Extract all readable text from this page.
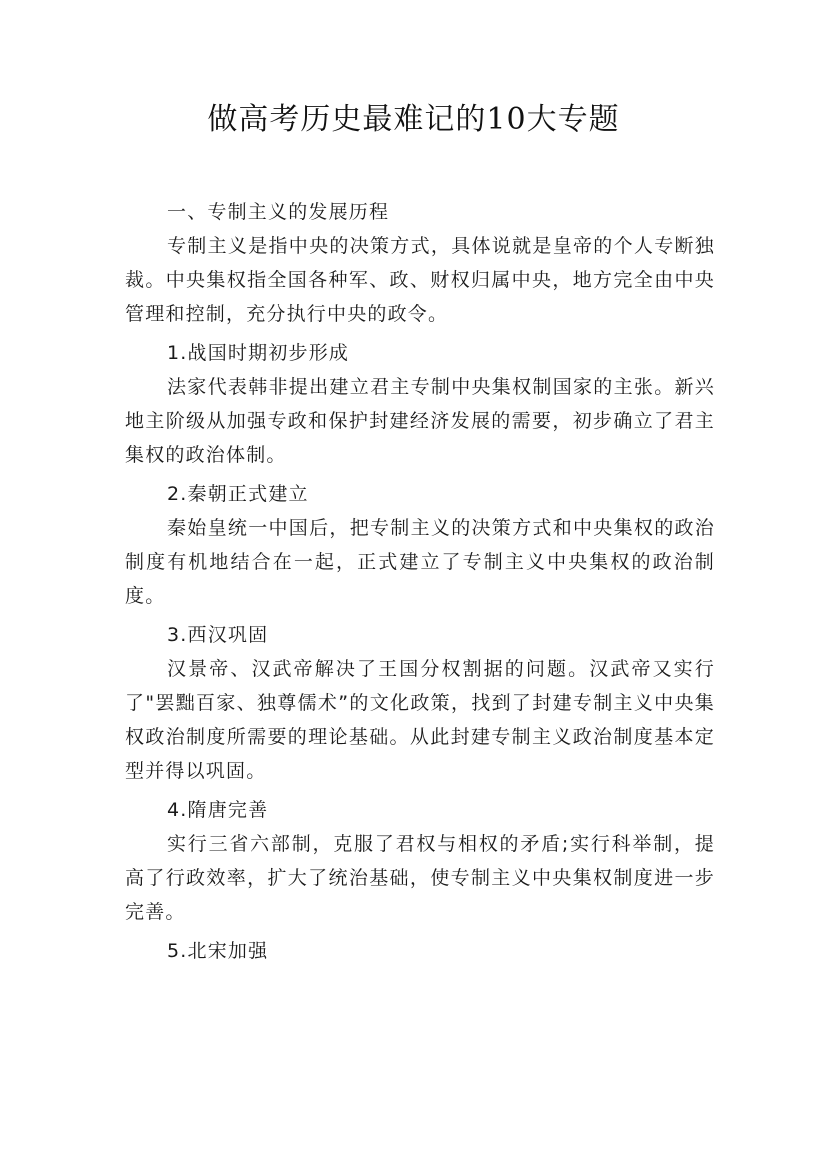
做高考历史最难记的10大专题

一、专制主义的发展历程

专制主义是指中央的决策方式，具体说就是皇帝的个人专断独裁。中央集权指全国各种军、政、财权归属中央，地方完全由中央管理和控制，充分执行中央的政令。

1.战国时期初步形成

法家代表韩非提出建立君主专制中央集权制国家的主张。新兴地主阶级从加强专政和保护封建经济发展的需要，初步确立了君主集权的政治体制。

2.秦朝正式建立

秦始皇统一中国后，把专制主义的决策方式和中央集权的政治制度有机地结合在一起，正式建立了专制主义中央集权的政治制度。

3.西汉巩固

汉景帝、汉武帝解决了王国分权割据的问题。汉武帝又实行了"罢黜百家、独尊儒术”的文化政策，找到了封建专制主义中央集权政治制度所需要的理论基础。从此封建专制主义政治制度基本定型并得以巩固。

4.隋唐完善

实行三省六部制，克服了君权与相权的矛盾;实行科举制，提高了行政效率，扩大了统治基础，使专制主义中央集权制度进一步完善。

5.北宋加强
